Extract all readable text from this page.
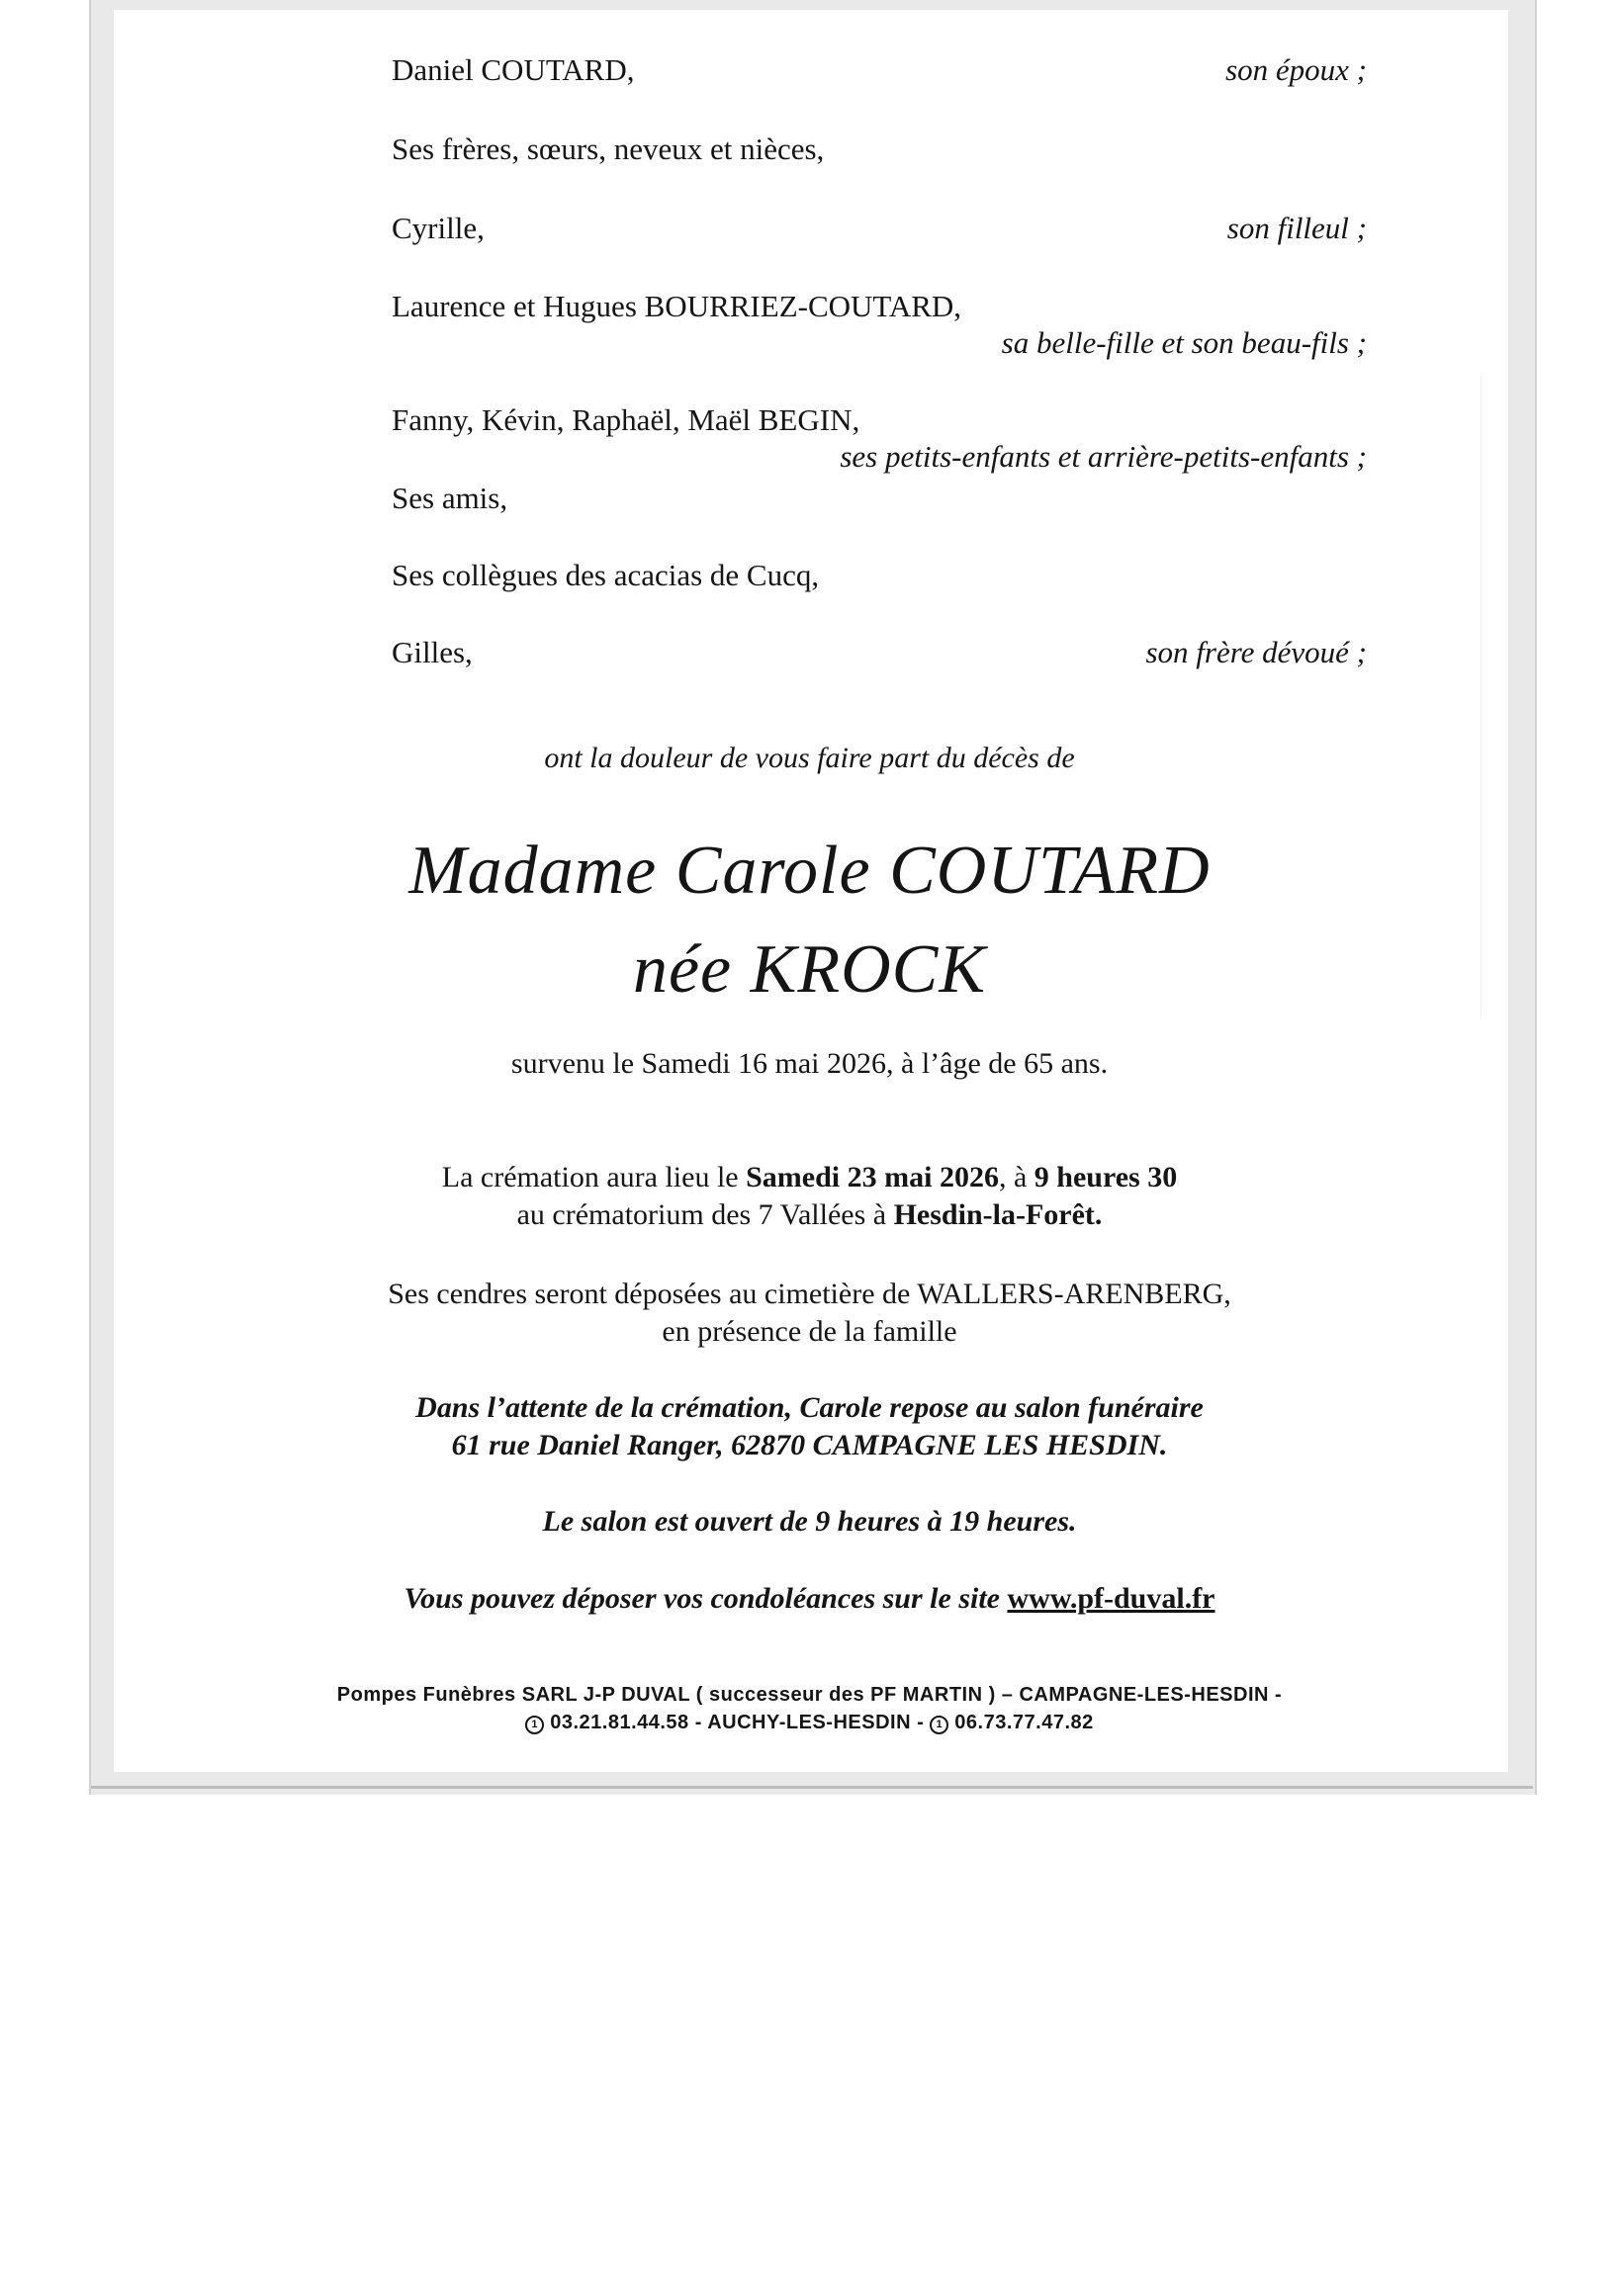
Daniel COUTARD,	son époux ;
Ses frères, sœurs, neveux et nièces,
Cyrille,	son filleul ;
Laurence et Hugues BOURRIEZ-COUTARD,
sa belle-fille et son beau-fils ;
Fanny, Kévin, Raphaël, Maël BEGIN,
ses petits-enfants et arrière-petits-enfants ;
Ses amis,
Ses collègues des acacias de Cucq,
Gilles,	son frère dévoué ;
ont la douleur de vous faire part du décès de
Madame Carole COUTARD
née KROCK
survenu le Samedi 16 mai 2026, à l’âge de 65 ans.
La crémation aura lieu le Samedi 23 mai 2026, à 9 heures 30
au crématorium des 7 Vallées à Hesdin-la-Forêt.
Ses cendres seront déposées au cimetière de WALLERS-ARENBERG,
en présence de la famille
Dans l’attente de la crémation, Carole repose au salon funéraire
61 rue Daniel Ranger, 62870 CAMPAGNE LES HESDIN.
Le salon est ouvert de 9 heures à 19 heures.
Vous pouvez déposer vos condoléances sur le site www.pf-duval.fr
Pompes Funèbres SARL J-P DUVAL ( successeur des PF MARTIN ) – CAMPAGNE-LES-HESDIN -
1 03.21.81.44.58 - AUCHY-LES-HESDIN - 1 06.73.77.47.82
